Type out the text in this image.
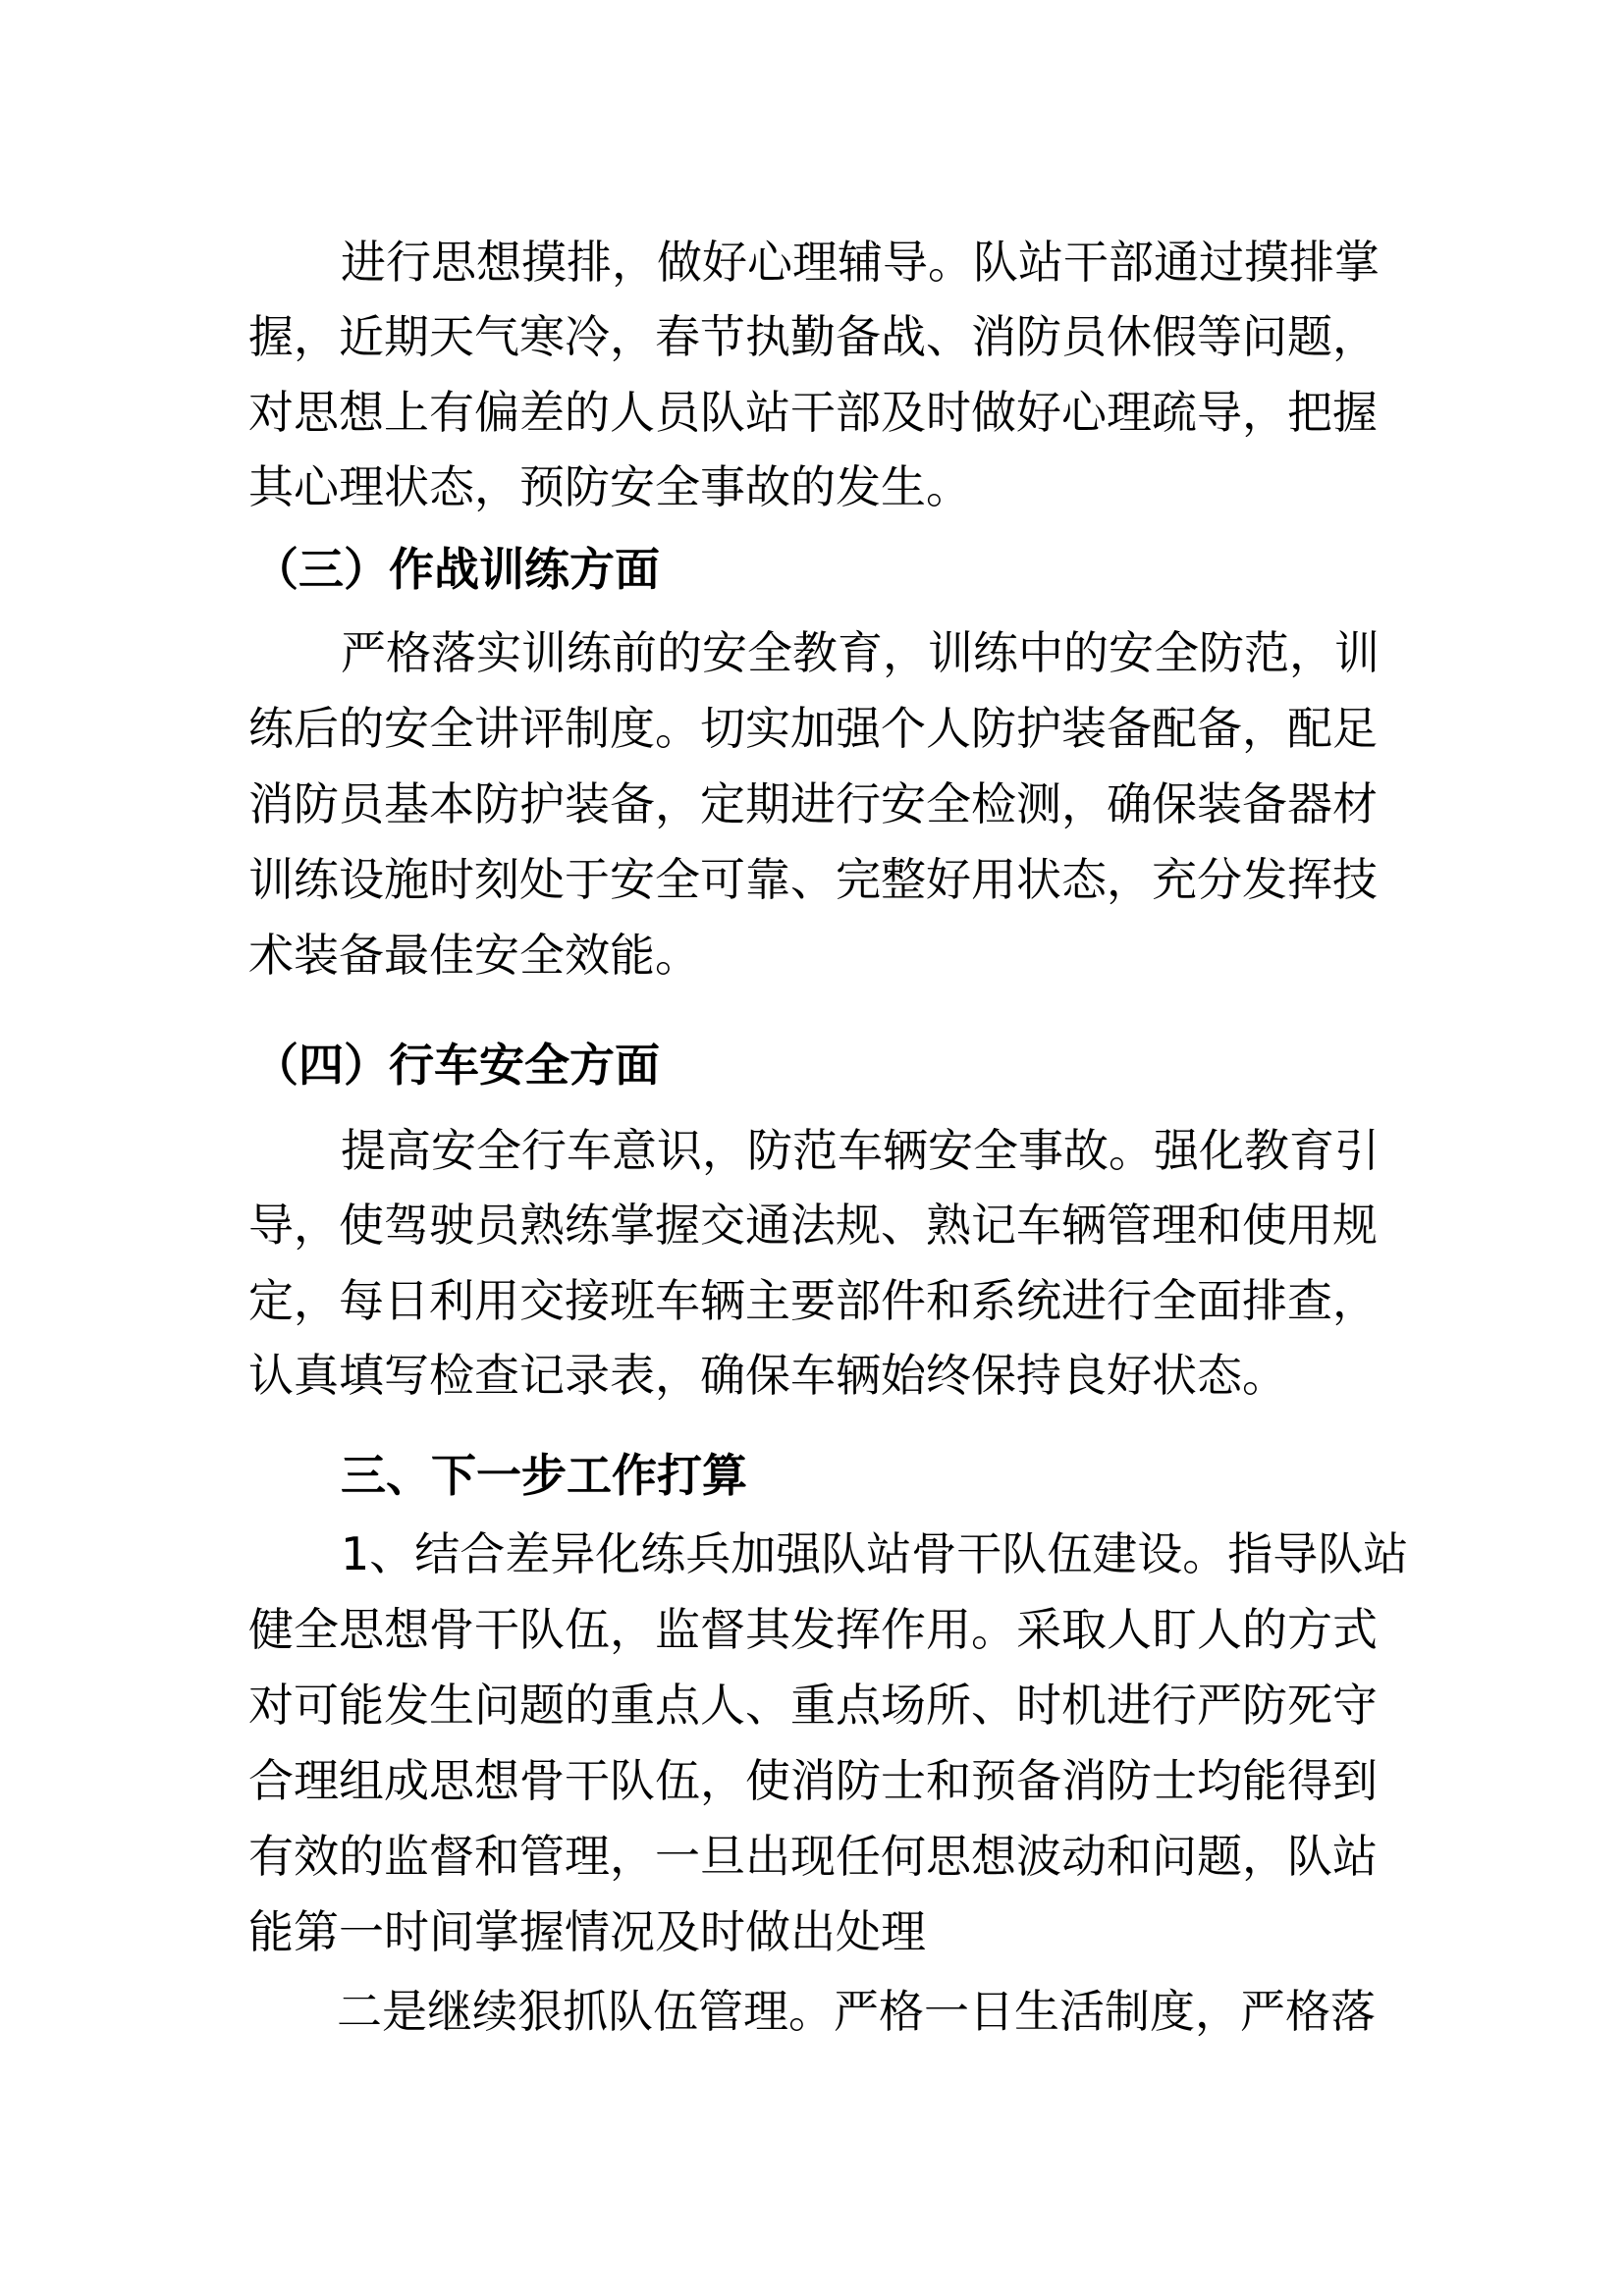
进行思想摸排，做好心理辅导。队站干部通过摸排掌
握，近期天气寒冷，春节执勤备战、消防员休假等问题，
对思想上有偏差的人员队站干部及时做好心理疏导，把握
其心理状态，预防安全事故的发生。
（三）作战训练方面
严格落实训练前的安全教育，训练中的安全防范，训
练后的安全讲评制度。切实加强个人防护装备配备，配足
消防员基本防护装备，定期进行安全检测，确保装备器材
训练设施时刻处于安全可靠、完整好用状态，充分发挥技
术装备最佳安全效能。
（四）行车安全方面
提高安全行车意识，防范车辆安全事故。强化教育引
导，使驾驶员熟练掌握交通法规、熟记车辆管理和使用规
定，每日利用交接班车辆主要部件和系统进行全面排查，
认真填写检查记录表，确保车辆始终保持良好状态。
三、下一步工作打算
1、结合差异化练兵加强队站骨干队伍建设。指导队站
健全思想骨干队伍，监督其发挥作用。采取人盯人的方式
对可能发生问题的重点人、重点场所、时机进行严防死守
合理组成思想骨干队伍，使消防士和预备消防士均能得到
有效的监督和管理，一旦出现任何思想波动和问题，队站
能第一时间掌握情况及时做出处理
二是继续狠抓队伍管理。严格一日生活制度，严格落
